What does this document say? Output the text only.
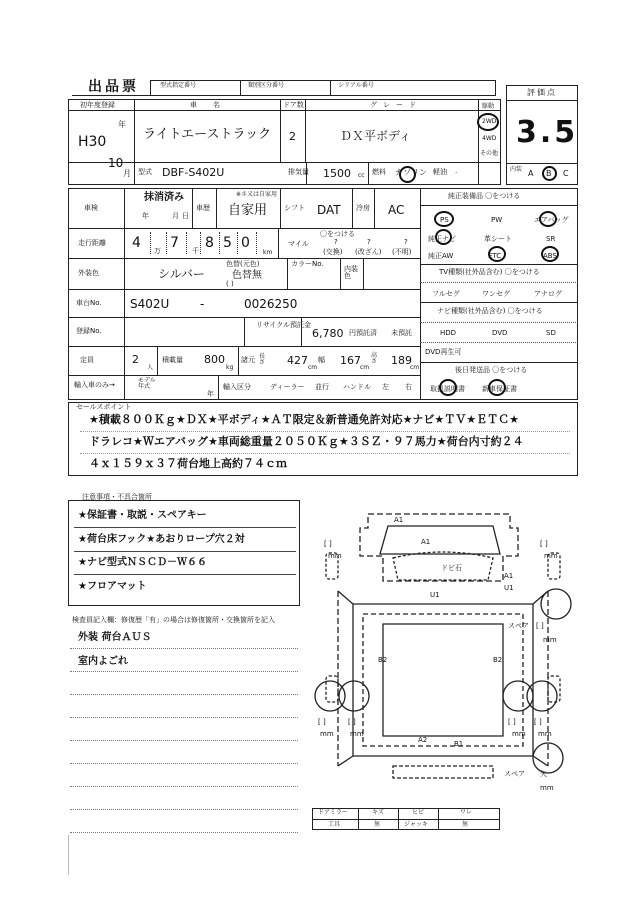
出品票	型式指定番号	類別区分番号	シリアル番号
評価点
3.5
初年度登録
H30
年
10
月
車名
ライトエーストラック
ドア数
2
グレード
ＤＸ平ボディ
駆動
2WD
4WD
その他
型式 DBF-S402U	排気量 1500 cc 燃料 ガソリン 軽油 .	内装 A B C
車検
抹消済み
年	月 日
車歴
※ネ又は自家用
自家用 シフト DAT 冷房 AC
走行距離 4 万 7 千 8 5 0
km
〇をつける
マイル
(交換) (改ざん) (不明)
?	?	?
外装色	シルバー
色替(元色)
色替無
( )
カラーNo.
内装色
車台No. S402U	-	0026250
登録No.
リサイクル預託金
6,780 円預託済 未預託
定員	2
人
積載量 800
kg
諸元 長さ 427
cm
幅 167
cm
高さ 189
cm
輸入車のみ→
モデル年式
年
輸入区分	ディーラー 並行 ハンドル 左 右
純正装備品 〇をつける
PS	PW	エアバッグ
純正ナビ	革シート	SR
純正AW	ETC	ABS
TV種類(社外品含む) 〇をつける
フルセグ	ワンセグ	アナログ
ナビ種類(社外品含む) 〇をつける
HDD	DVD	SD
DVD再生可
後日発送品 〇をつける
取扱説明書 新車保証書
セールスポイント
★積載８００Ｋｇ★ＤＸ★平ボディ★ＡＴ限定＆新普通免許対応★ナビ★ＴＶ★ＥＴＣ★
ドラレコ★Ｗエアバッグ★車両総重量２０５０Ｋｇ★３ＳＺ・９７馬力★荷台内寸約２４
４ｘ１５９ｘ３７荷台地上高約７４ｃｍ
注意事項・不具合箇所
★保証書・取説・スペアキー
★荷台床フック★あおりロープ穴２対
★ナビ型式ＮＳＣＤ－Ｗ６６
★フロアマット
検査員記入欄：修復歴「有」の場合は修復箇所・交換箇所を記入
外装 荷台ＡＵＳ
室内よごれ
A1
A1
ドビ石
U1
A1
U1
B2	B2
A2	B1
[ ]
mm
[ ]
mm
[ ]
mm
[ ]
mm
[ ]
mm
[ ]
mm
スペア [ ]
mm
スペア 矢
mm
ドアミラー	キズ	ヒビ	ワレ
工具	無	ジャッキ	無
